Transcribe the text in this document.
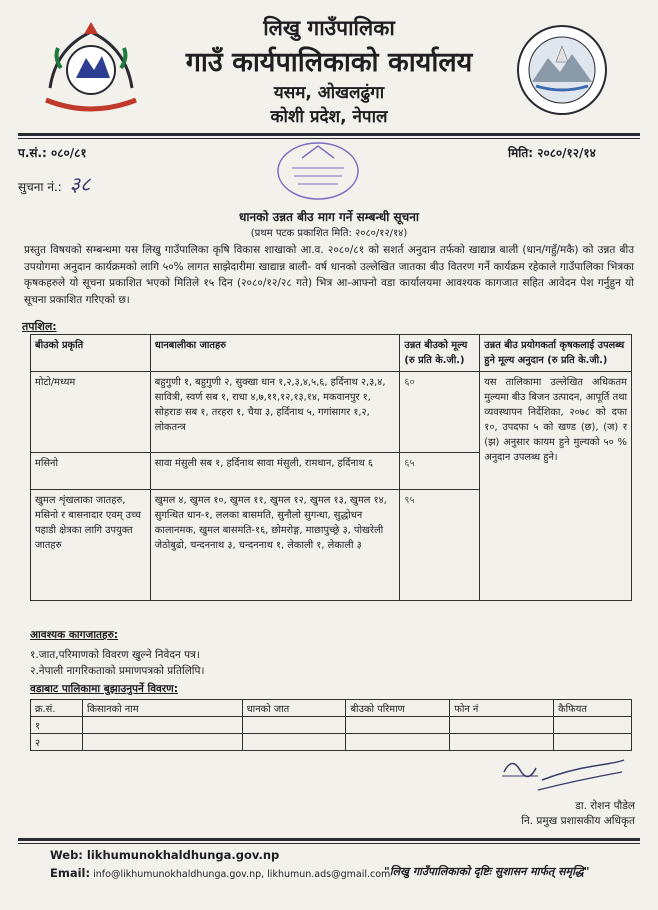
लिखु गाउँपालिका
गाउँ कार्यपालिकाको कार्यालय
यसम, ओखलढुंगा
कोशी प्रदेश, नेपाल
प.सं.: ०८०/८१	मिति: २०८०/१२/१४
सुचना नं.: ३८
धानको उन्नत बीउ माग गर्ने सम्बन्धी सूचना
(प्रथम पटक प्रकाशित मिति: २०८०/१२/१४)
प्रस्तुत विषयको सम्बन्धमा यस लिखु गाउँपालिका कृषि विकास शाखाको आ.व. २०८०/८१ को सशर्त अनुदान तर्फको खाद्यान्न बाली (धान/गहुँ/मकै) को उन्नत बीउ उपयोगमा अनुदान कार्यक्रमको लागि ५०% लागत साझेदारीमा खाद्यान्न बाली- वर्ष धानको उल्लेखित जातका बीउ वितरण गर्ने कार्यक्रम रहेकाले गाउँपालिका भित्रका कृषकहरुले यो सूचना प्रकाशित भएको मितिले १५ दिन (२०८०/१२/२८ गते) भित्र आ-आफ्नो वडा कार्यालयमा आवश्यक कागजात सहित आवेदन पेश गर्नुहुन यो सूचना प्रकाशित गरिएको छ।
तपशिल:
बीउको प्रकृति	धानबालीका जातहरु	उन्नत बीउको मूल्य (रु प्रति के.जी.)	उन्नत बीउ प्रयोगकर्ता कृषकलाई उपलब्ध हुने मूल्य अनुदान (रु प्रति के.जी.)
मोटो/मध्यम	बहुगुणी १, बहुगुणी २, सुक्खा धान १,२,३,४,५,६, हर्दिनाथ २,३,४, सावित्री, स्वर्ण सब १, राधा ४,७,११,१२,१३,१४, मकवानपुर १, सोहराङ सब १, तरहरा १, चैया ३, हर्दिनाथ ५, गगांसागर १,२, लोकतन्त्र	६०	यस तालिकामा उल्लेखित अधिकतम मुल्यमा बीउ बिजन उत्पादन, आपूर्ति तथा व्यवस्थापन निर्देशिका, २०७८ को दफा १०, उपदफा ५ को खण्ड (छ), (ज) र (झ) अनुसार कायम हुने मुल्यको ५० % अनुदान उपलब्ध हुने।
मसिनो	सावा मंसुली सब १, हर्दिनाथ सावा मंसुली, रामधान, हर्दिनाथ ६	६५	
खुमल शृंखलाका जातहरु, मसिनो र बासनादार एवम् उच्च पहाडी क्षेत्रका लागि उपयुक्त जातहरु	खुमल ४, खुमल १०, खुमल ११, खुमल १२, खुमल १३, खुमल १४, सुगन्धित धान-१, ललका बासमति, सुनौलो सुगन्धा, सुद्धोधन कालानमक, खुमल बासमति-१६, छोमरोङ्ग, माछापुच्छ्रे ३, पोखरेली जेठोबुढो, चन्दननाथ ३, चन्दननाथ १, लेकाली १, लेकाली ३	९५	
आवश्यक कागजातहरु:
१.जात,परिमाणको विवरण खुल्ने निवेदन पत्र।
२.नेपाली नागरिकताको प्रमाणपत्रको प्रतिलिपि।
वडाबाट पालिकामा बुझाउनुपर्ने विवरण:
क्र.सं.	किसानको नाम	धानको जात	बीउको परिमाण	फोन नं	कैफियत
१					
२					
डा. रोशन पौडेल
नि. प्रमुख प्रशासकीय अधिकृत
Web: likhumunokhaldhunga.gov.np
Email: info@likhumunokhaldhunga.gov.np, likhumun.ads@gmail.com
"लिखु गाउँपालिकाको दृष्टिः सुशासन मार्फत् समृद्धि"
